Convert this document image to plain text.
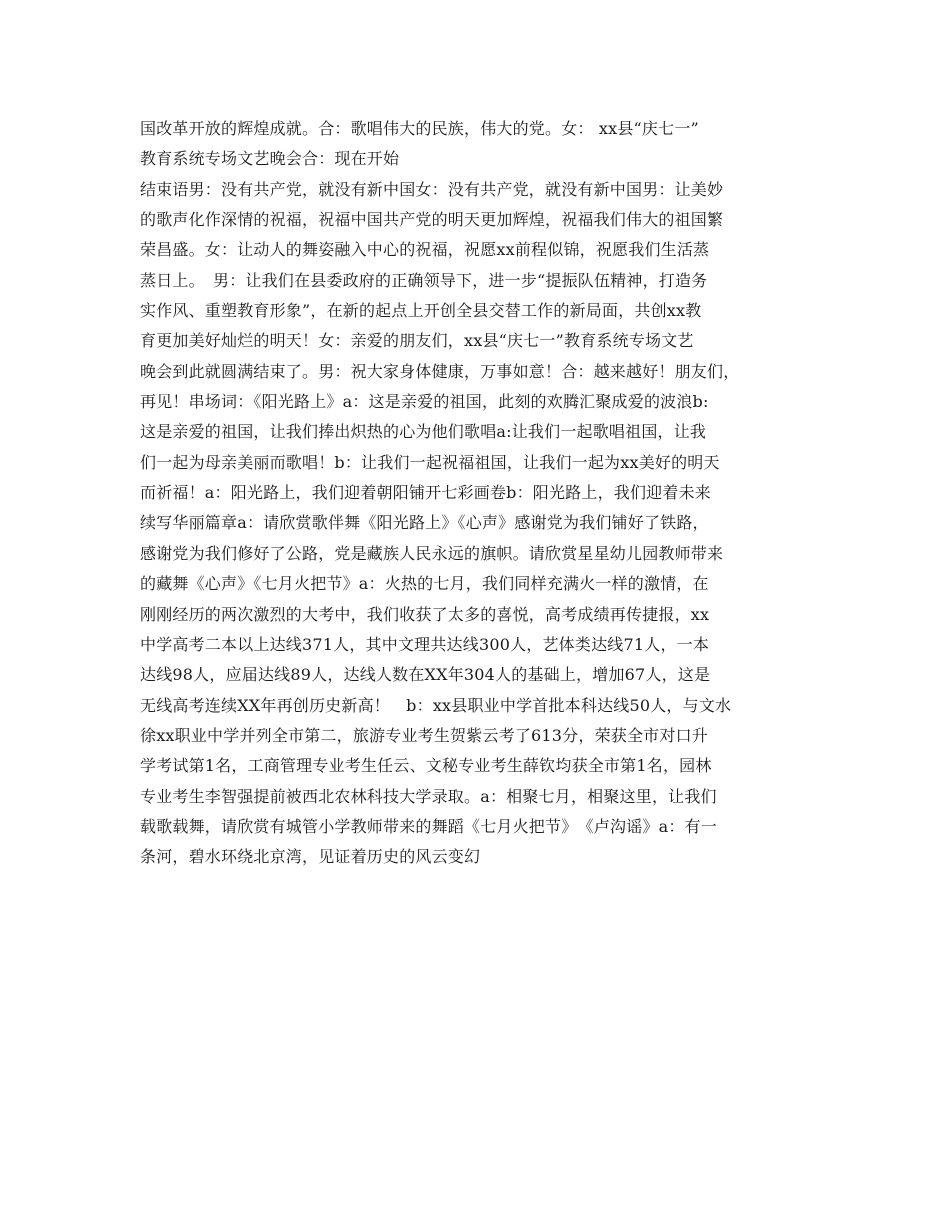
国改革开放的辉煌成就。合：歌唱伟大的民族，伟大的党。女： xx县“庆七一”
教育系统专场文艺晚会合：现在开始
结束语男：没有共产党，就没有新中国女：没有共产党，就没有新中国男：让美妙
的歌声化作深情的祝福，祝福中国共产党的明天更加辉煌，祝福我们伟大的祖国繁
荣昌盛。女：让动人的舞姿融入中心的祝福，祝愿xx前程似锦，祝愿我们生活蒸
蒸日上。　男：让我们在县委政府的正确领导下，进一步“提振队伍精神，打造务
实作风、重塑教育形象”，在新的起点上开创全县交替工作的新局面，共创xx教
育更加美好灿烂的明天！女：亲爱的朋友们，xx县“庆七一”教育系统专场文艺
晚会到此就圆满结束了。男：祝大家身体健康，万事如意！合：越来越好！朋友们，
再见！串场词：《阳光路上》a：这是亲爱的祖国，此刻的欢腾汇聚成爱的波浪b:
这是亲爱的祖国，让我们捧出炽热的心为他们歌唱a:让我们一起歌唱祖国，让我
们一起为母亲美丽而歌唱！b：让我们一起祝福祖国，让我们一起为xx美好的明天
而祈福！a：阳光路上，我们迎着朝阳铺开七彩画卷b：阳光路上，我们迎着未来
续写华丽篇章a：请欣赏歌伴舞《阳光路上》《心声》感谢党为我们铺好了铁路，
感谢党为我们修好了公路，党是藏族人民永远的旗帜。请欣赏星星幼儿园教师带来
的藏舞《心声》《七月火把节》a：火热的七月，我们同样充满火一样的激情，在
刚刚经历的两次激烈的大考中，我们收获了太多的喜悦，高考成绩再传捷报，xx
中学高考二本以上达线371人，其中文理共达线300人，艺体类达线71人，一本
达线98人，应届达线89人，达线人数在XX年304人的基础上，增加67人，这是
无线高考连续XX年再创历史新高！　b：xx县职业中学首批本科达线50人，与文水
徐xx职业中学并列全市第二，旅游专业考生贺紫云考了613分，荣获全市对口升
学考试第1名，工商管理专业考生任云、文秘专业考生薛钦均获全市第1名，园林
专业考生李智强提前被西北农林科技大学录取。a：相聚七月，相聚这里，让我们
载歌载舞，请欣赏有城管小学教师带来的舞蹈《七月火把节》　《卢沟谣》a：有一
条河，碧水环绕北京湾，见证着历史的风云变幻
